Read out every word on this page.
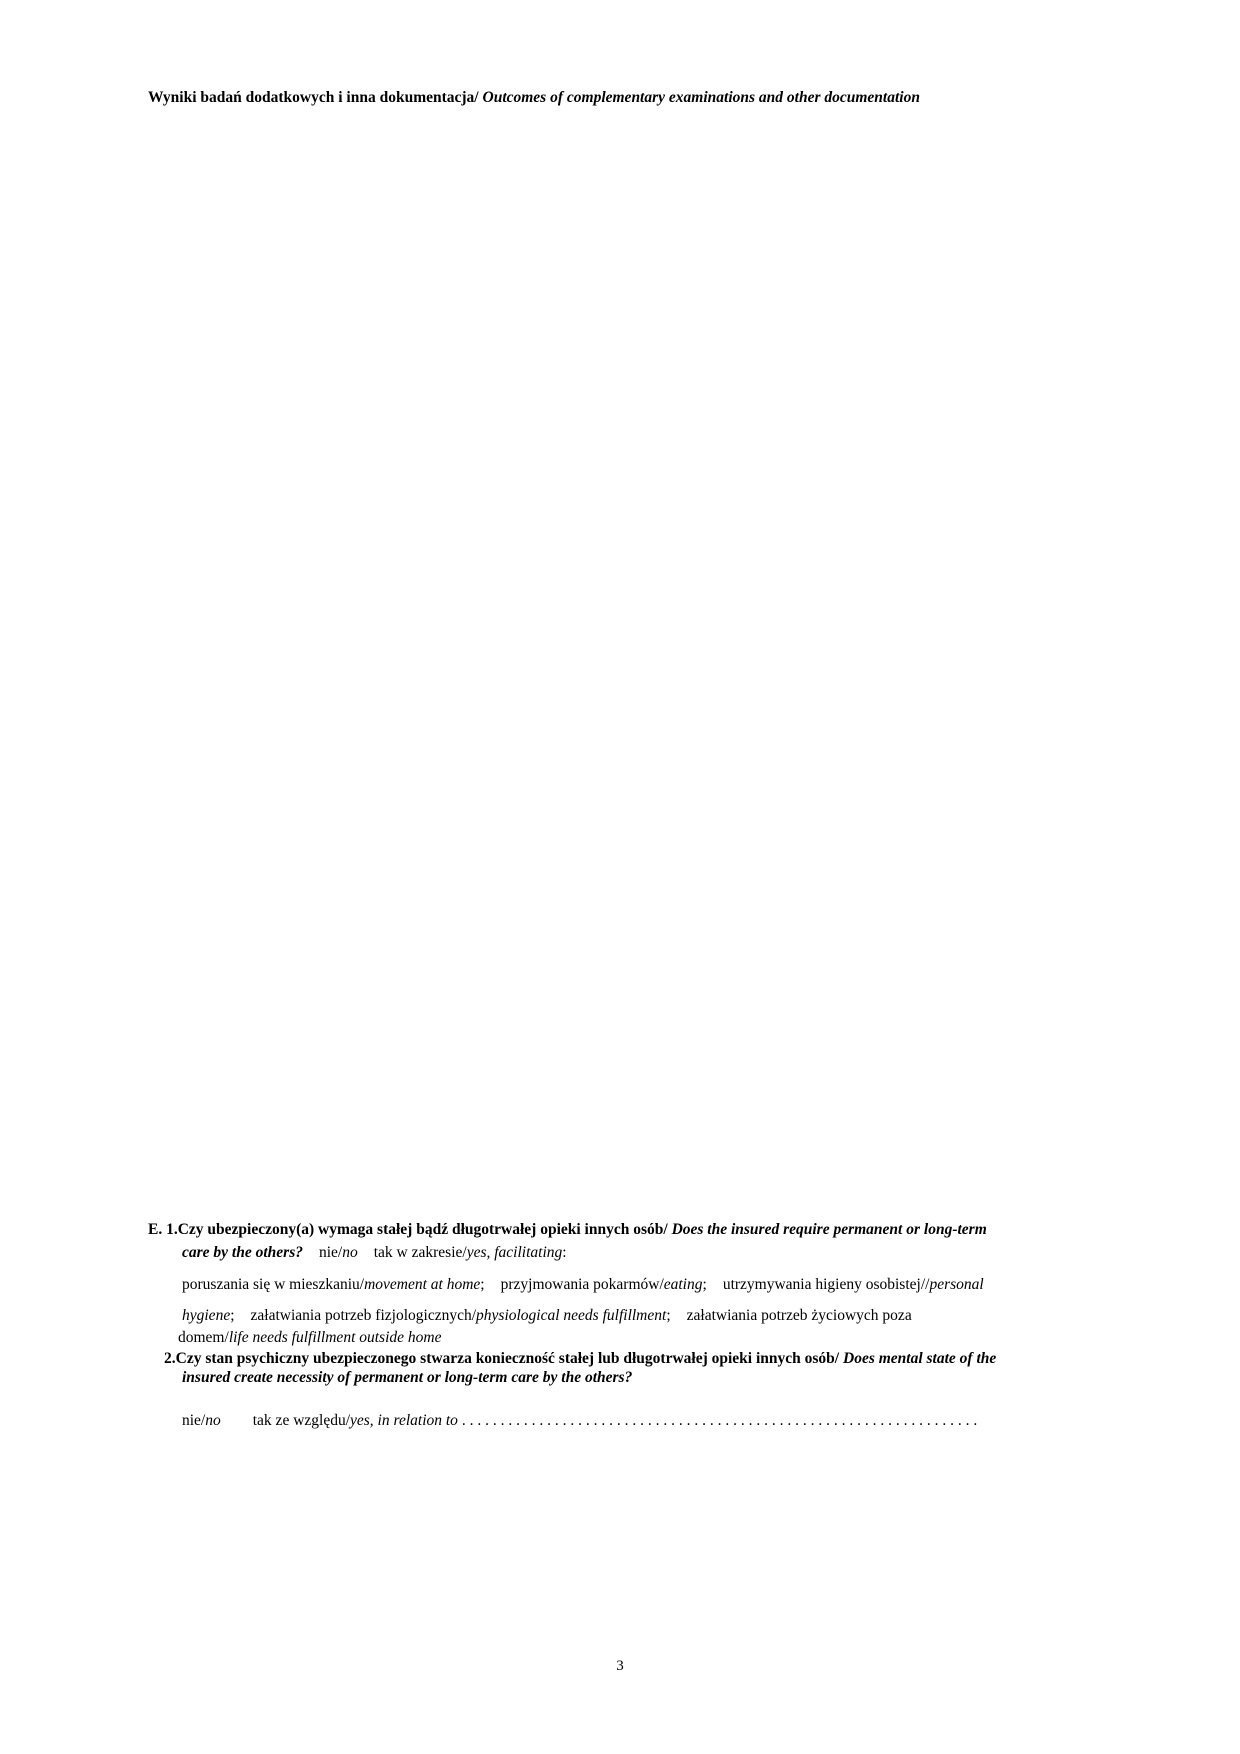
Wyniki badań dodatkowych i inna dokumentacja/ Outcomes of complementary examinations and other documentation
E. 1.Czy ubezpieczony(a) wymaga stałej bądź długotrwałej opieki innych osób/ Does the insured require permanent or long-term
care by the others? nie/no tak w zakresie/yes, facilitating:
poruszania się w mieszkaniu/movement at home; przyjmowania pokarmów/eating; utrzymywania higieny osobistej//personal
hygiene; załatwiania potrzeb fizjologicznych/physiological needs fulfillment; załatwiania potrzeb życiowych poza
domem/life needs fulfillment outside home
2.Czy stan psychiczny ubezpieczonego stwarza konieczność stałej lub długotrwałej opieki innych osób/ Does mental state of the
insured create necessity of permanent or long-term care by the others?
nie/no tak ze względu/yes, in relation to . . . . . . . . . . . . . . . . . . . . . . . . . . . . . . . . . . . . . . . . . . . . . . . . . . . . . . . . . . . . . . . . . . .
3
